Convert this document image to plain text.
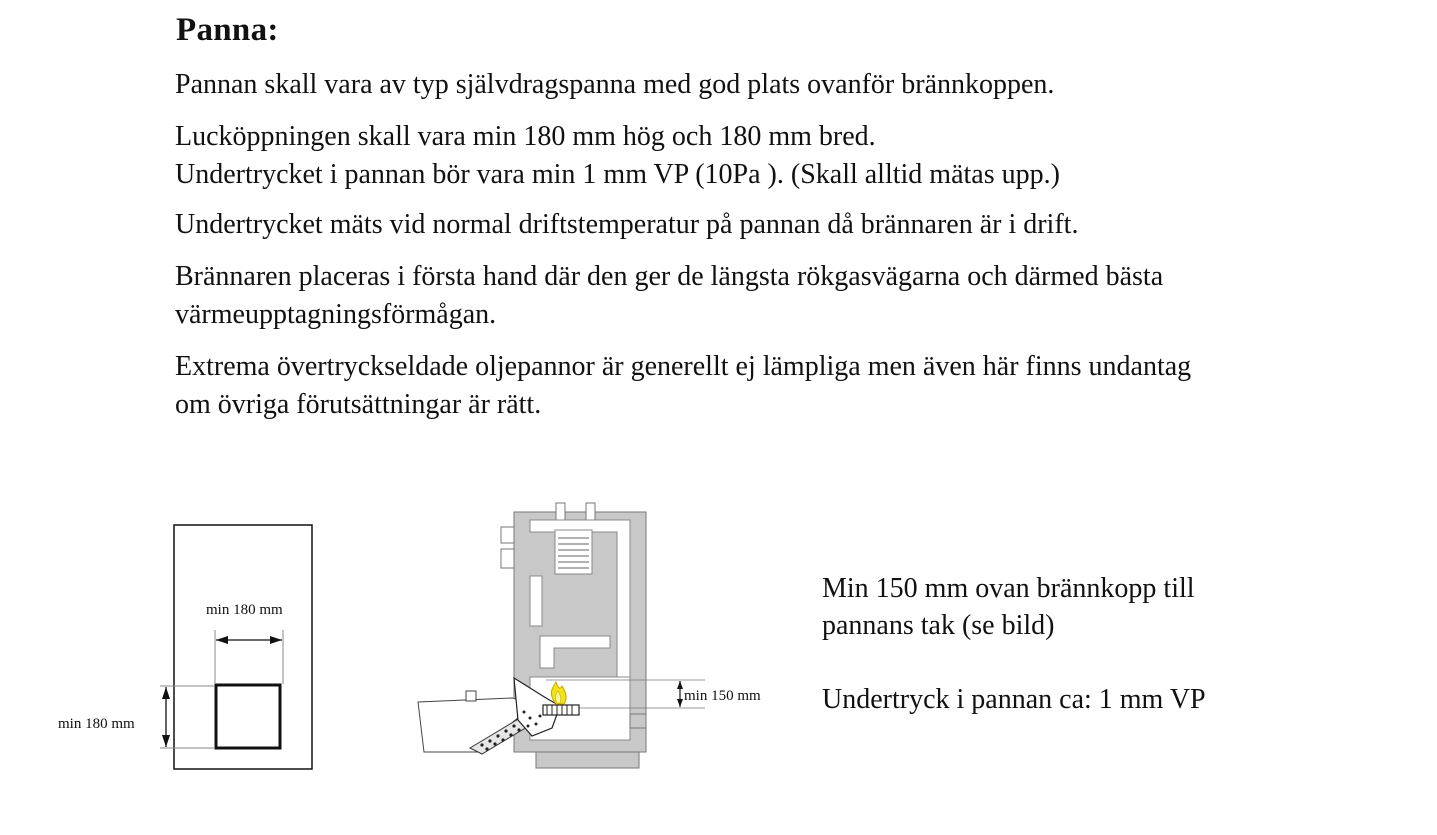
Panna:
Pannan skall vara av typ självdragspanna med god plats ovanför brännkoppen.
Lucköppningen skall vara min 180 mm hög och 180 mm bred.
Undertrycket i pannan bör vara min 1 mm VP (10Pa ). (Skall alltid mätas upp.)
Undertrycket mäts vid normal driftstemperatur på pannan då brännaren är i drift.
Brännaren placeras i första hand där den ger de längsta rökgasvägarna och därmed bästa
värmeupptagningsförmågan.
Extrema övertryckseldade oljepannor är generellt ej lämpliga men även här finns undantag
om övriga förutsättningar är rätt.
min 180 mm
min 180 mm
min 150 mm
Min 150 mm ovan brännkopp till
pannans tak (se bild)
Undertryck i pannan ca: 1 mm VP
